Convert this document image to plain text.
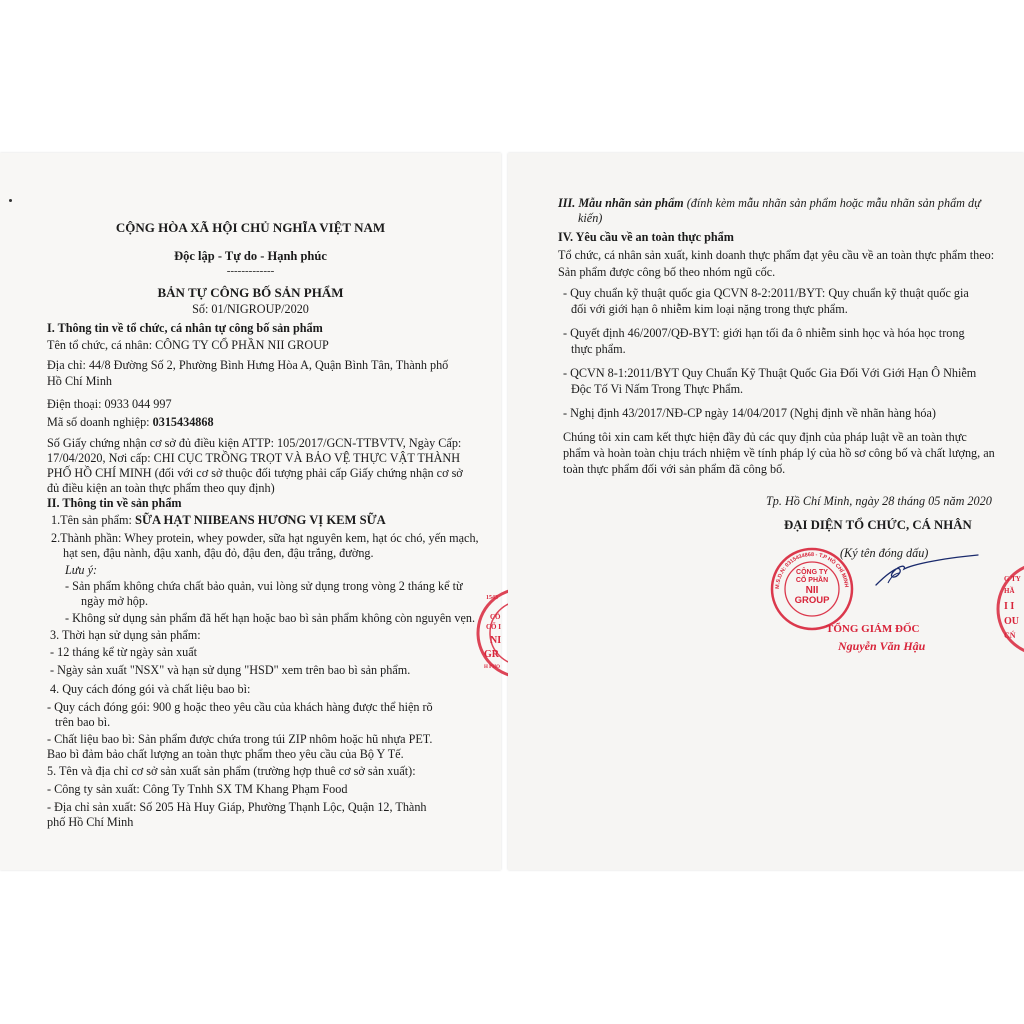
CỘNG HÒA XÃ HỘI CHỦ NGHĨA VIỆT NAM
Độc lập - Tự do - Hạnh phúc
-------------
BẢN TỰ CÔNG BỐ SẢN PHẨM
Số: 01/NIGROUP/2020
I. Thông tin về tổ chức, cá nhân tự công bố sản phẩm
Tên tổ chức, cá nhân: CÔNG TY CỔ PHẦN NII GROUP
Địa chỉ: 44/8 Đường Số 2, Phường Bình Hưng Hòa A, Quận Bình Tân, Thành phố
Hồ Chí Minh
Điện thoại: 0933 044 997
Mã số doanh nghiệp: 0315434868
Số Giấy chứng nhận cơ sở đủ điều kiện ATTP: 105/2017/GCN-TTBVTV, Ngày Cấp:
17/04/2020, Nơi cấp: CHI CỤC TRỒNG TRỌT VÀ BẢO VỆ THỰC VẬT THÀNH
PHỐ HỒ CHÍ MINH (đối với cơ sở thuộc đối tượng phải cấp Giấy chứng nhận cơ sở
đủ điều kiện an toàn thực phẩm theo quy định)
II. Thông tin về sản phẩm
1.Tên sản phẩm: SỮA HẠT NIIBEANS HƯƠNG VỊ KEM SỮA
2.Thành phần: Whey protein, whey powder, sữa hạt nguyên kem, hạt óc chó, yến mạch,
hạt sen, đậu nành, đậu xanh, đậu đỏ, đậu đen, đậu trắng, đường.
Lưu ý:
- Sản phẩm không chứa chất bảo quản, vui lòng sử dụng trong vòng 2 tháng kể từ
ngày mở hộp.
- Không sử dụng sản phẩm đã hết hạn hoặc bao bì sản phẩm không còn nguyên vẹn.
3. Thời hạn sử dụng sản phẩm:
- 12 tháng kể từ ngày sản xuất
- Ngày sản xuất "NSX" và hạn sử dụng "HSD" xem trên bao bì sản phẩm.
4. Quy cách đóng gói và chất liệu bao bì:
- Quy cách đóng gói: 900 g hoặc theo yêu cầu của khách hàng được thể hiện rõ
trên bao bì.
- Chất liệu bao bì: Sản phẩm được chứa trong túi ZIP nhôm hoặc hũ nhựa PET.
Bao bì đảm bảo chất lượng an toàn thực phẩm theo yêu cầu của Bộ Y Tế.
5. Tên và địa chỉ cơ sở sản xuất sản phẩm (trường hợp thuê cơ sở sản xuất):
- Công ty sản xuất: Công Ty Tnhh SX TM Khang Phạm Food
- Địa chỉ sản xuất: Số 205 Hà Huy Giáp, Phường Thạnh Lộc, Quận 12, Thành
phố Hồ Chí Minh
1543
CÔ
CỔ I
NI
GR
H PHO
III. Mẫu nhãn sản phẩm (đính kèm mẫu nhãn sản phẩm hoặc mẫu nhãn sản phẩm dự
kiến)
IV. Yêu cầu về an toàn thực phẩm
Tổ chức, cá nhân sản xuất, kinh doanh thực phẩm đạt yêu cầu về an toàn thực phẩm theo:
Sản phẩm được công bố theo nhóm ngũ cốc.
- Quy chuẩn kỹ thuật quốc gia QCVN 8-2:2011/BYT: Quy chuẩn kỹ thuật quốc gia
đối với giới hạn ô nhiễm kim loại nặng trong thực phẩm.
- Quyết định 46/2007/QĐ-BYT: giới hạn tối đa ô nhiễm sinh học và hóa học trong
thực phẩm.
- QCVN 8-1:2011/BYT Quy Chuẩn Kỹ Thuật Quốc Gia Đối Với Giới Hạn Ô Nhiễm
Độc Tố Vi Nấm Trong Thực Phẩm.
- Nghị định 43/2017/NĐ-CP ngày 14/04/2017 (Nghị định về nhãn hàng hóa)
Chúng tôi xin cam kết thực hiện đầy đủ các quy định của pháp luật về an toàn thực
phẩm và hoàn toàn chịu trách nhiệm về tính pháp lý của hồ sơ công bố và chất lượng, an
toàn thực phẩm đối với sản phẩm đã công bố.
Tp. Hồ Chí Minh, ngày 28 tháng 05 năm 2020
ĐẠI DIỆN TỔ CHỨC, CÁ NHÂN
(Ký tên đóng dấu)
M.S.D.N: 0315434868 - T.P HỒ CHÍ MINH
CÔNG TY
CỔ PHẦN
NII
GROUP
TỔNG GIÁM ĐỐC
Nguyễn Văn Hậu
G TY
HẦ
I I
OU
CŃ
